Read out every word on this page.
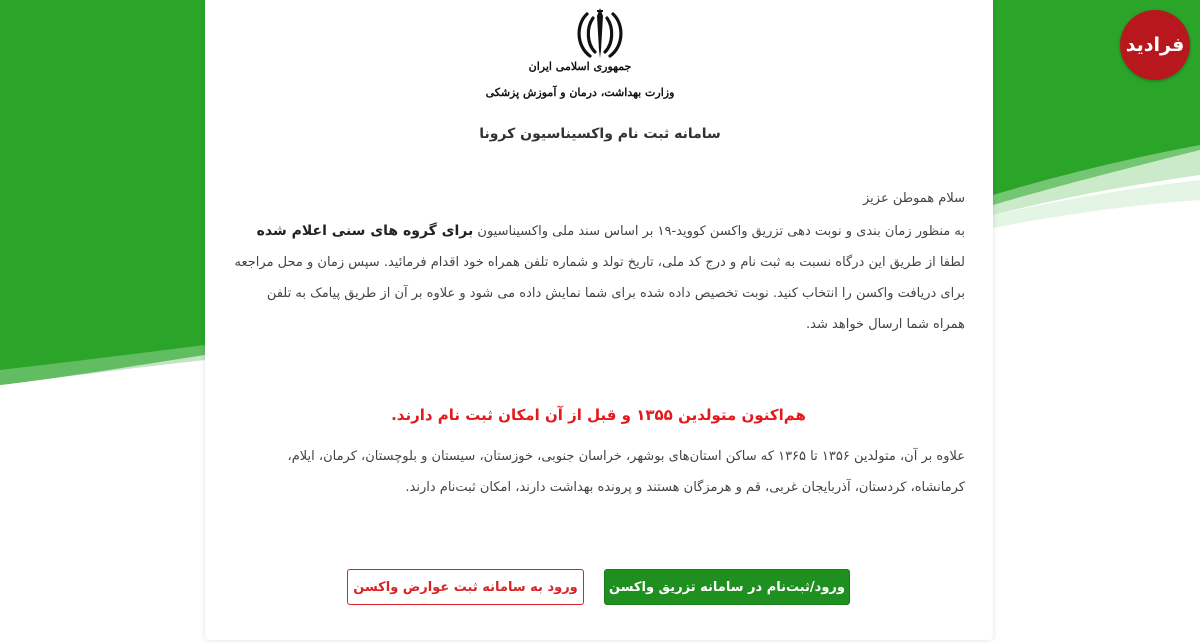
جمهوری اسلامی ایران
وزارت بهداشت، درمان و آموزش پزشکی
سامانه ثبت نام واکسیناسیون کرونا
سلام هموطن عزیز
به منظور زمان بندی و نوبت دهی تزریق واکسن کووید-۱۹ بر اساس سند ملی واکسیناسیون برای گروه های سنی اعلام شده لطفا از طریق این درگاه نسبت به ثبت نام و درج کد ملی، تاریخ تولد و شماره تلفن همراه خود اقدام فرمائید. سپس زمان و محل مراجعه برای دریافت واکسن را انتخاب کنید. نوبت تخصیص داده شده برای شما نمایش داده می شود و علاوه بر آن از طریق پیامک به تلفن همراه شما ارسال خواهد شد.
هم‌اکنون متولدین ۱۳۵۵ و قبل از آن امکان ثبت نام دارند.
علاوه بر آن، متولدین ۱۳۵۶ تا ۱۳۶۵ که ساکن استان‌های بوشهر، خراسان جنوبی، خوزستان، سیستان و بلوچستان، کرمان، ایلام، کرمانشاه، کردستان، آذربایجان غربی، قم و هرمزگان هستند و پرونده بهداشت دارند، امکان ثبت‌نام دارند.
ورود/ثبت‌نام در سامانه تزریق واکسن
ورود به سامانه ثبت عوارض واکسن
فرادید
